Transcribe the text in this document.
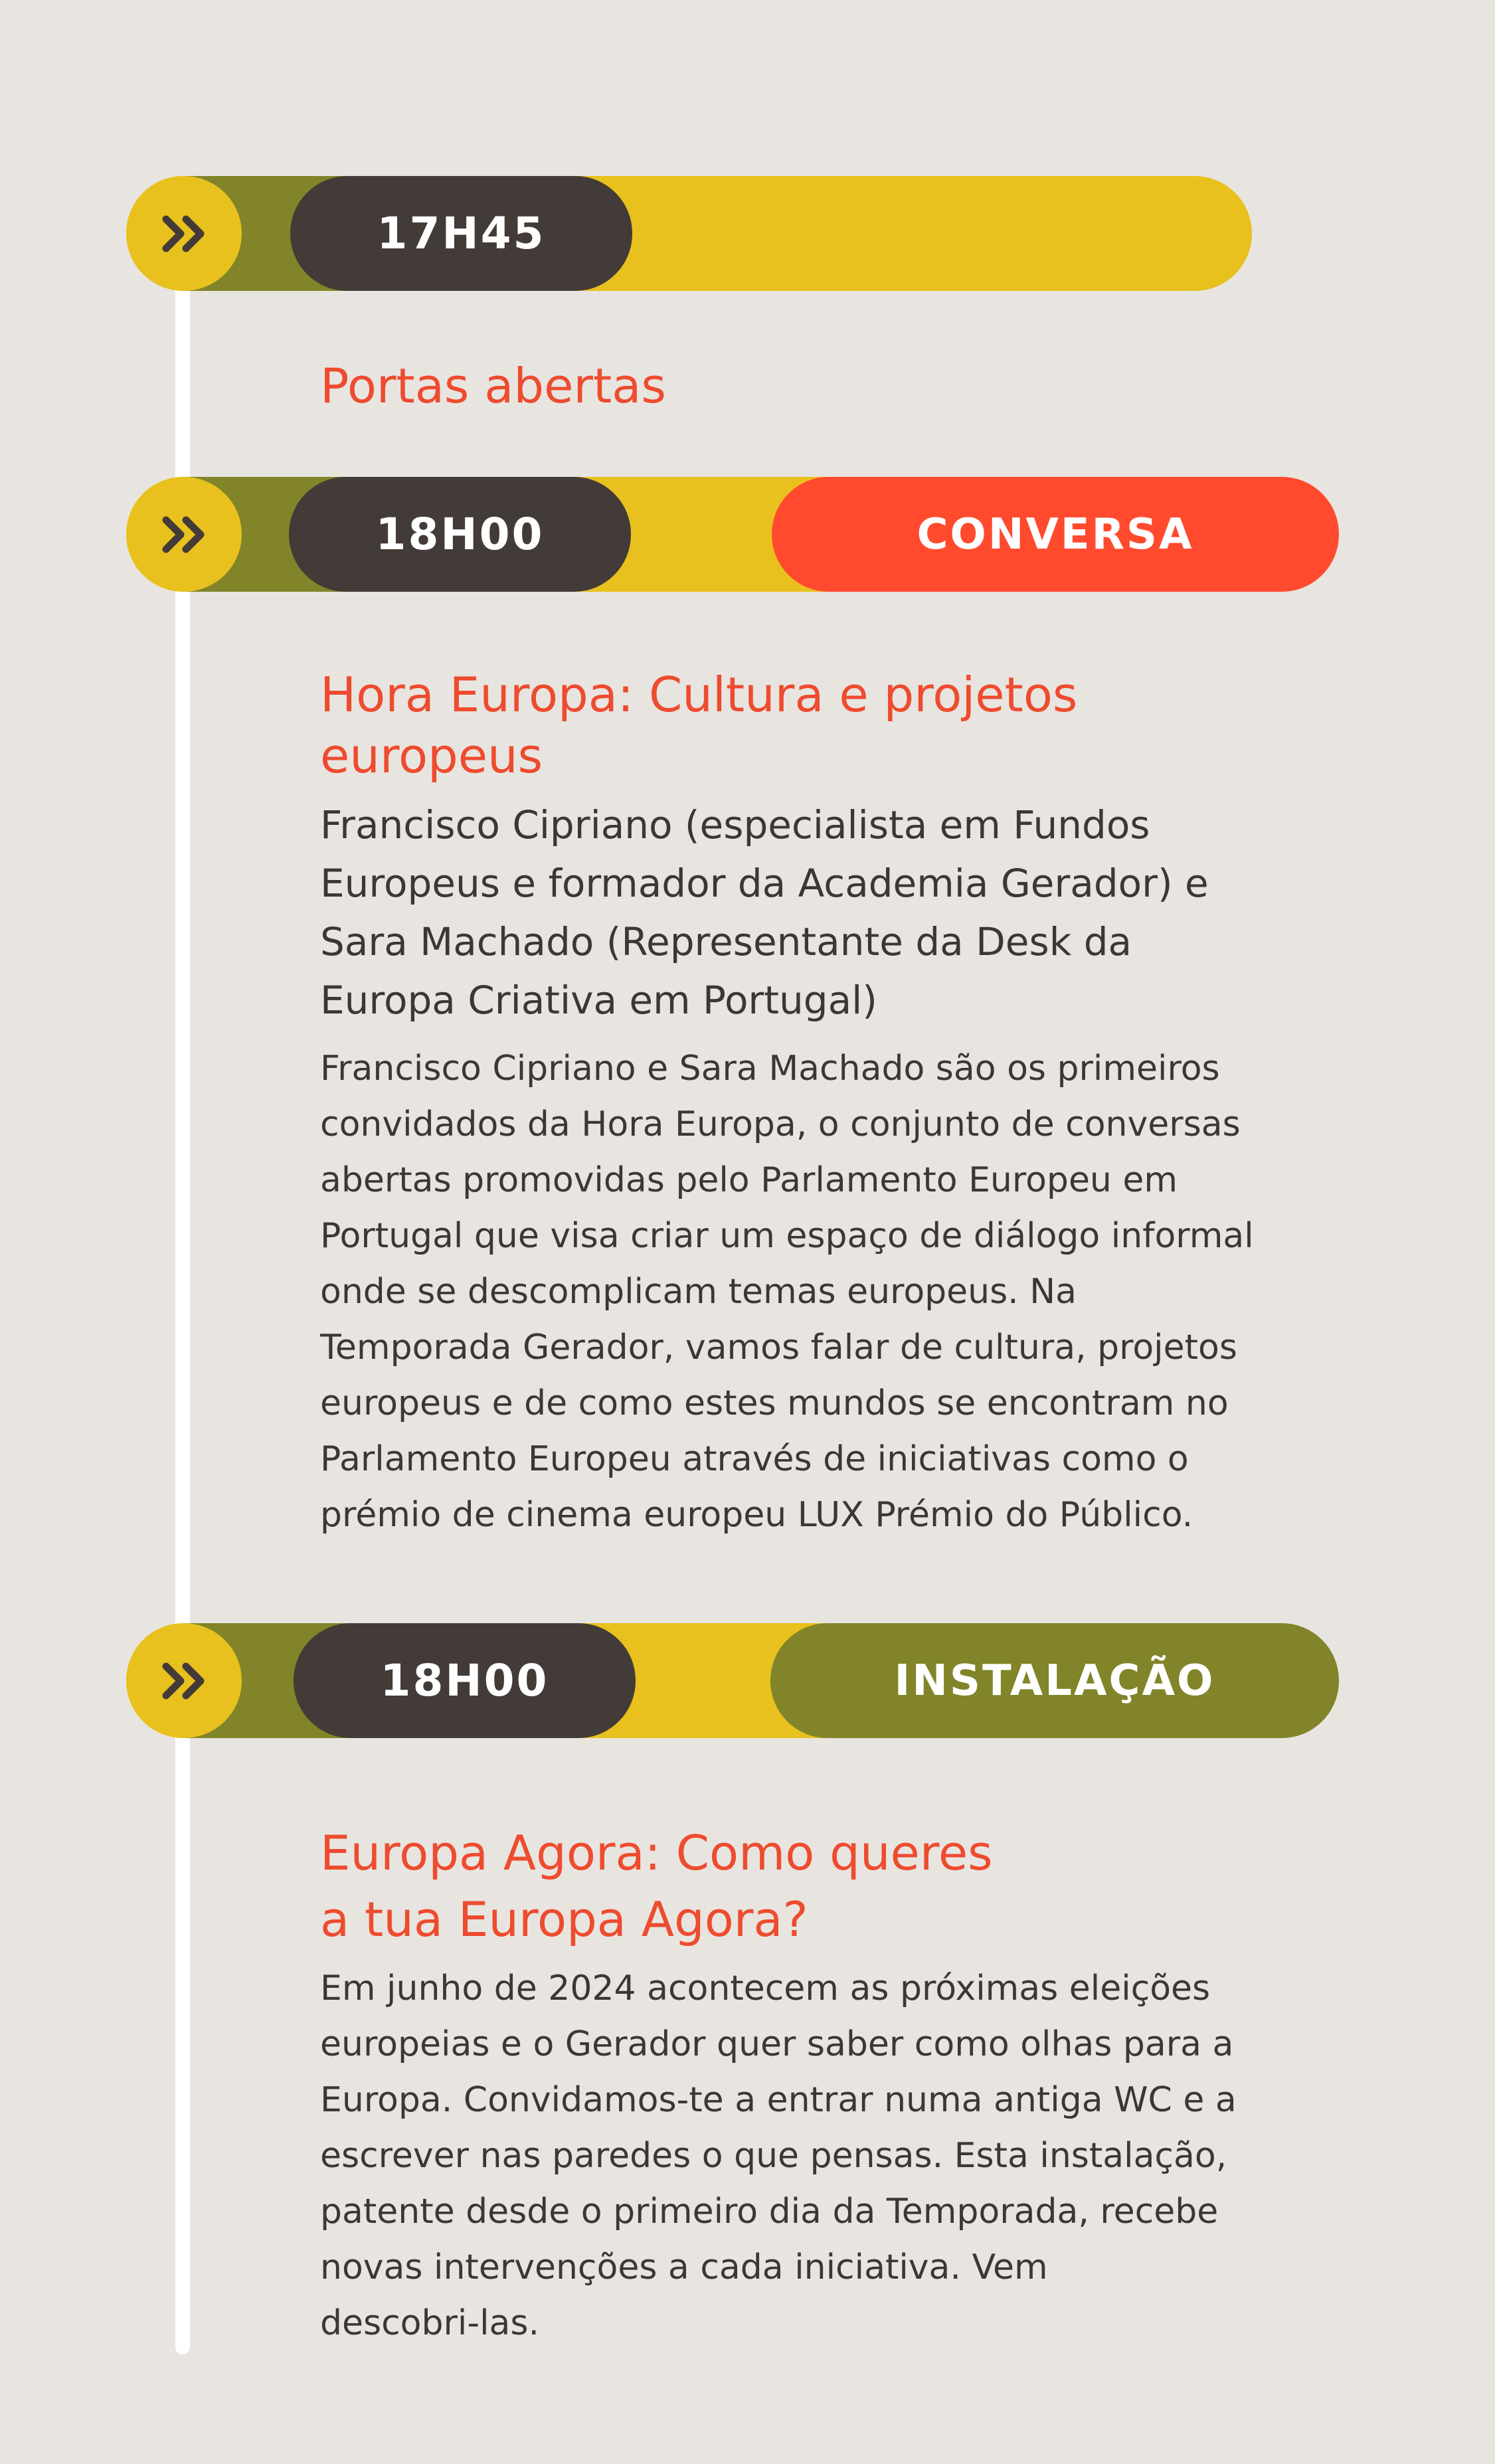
17H45
Portas abertas
18H00	CONVERSA
Hora Europa: Cultura e projetos
europeus
Francisco Cipriano (especialista em Fundos
Europeus e formador da Academia Gerador) e
Sara Machado (Representante da Desk da
Europa Criativa em Portugal)
Francisco Cipriano e Sara Machado são os primeiros
convidados da Hora Europa, o conjunto de conversas
abertas promovidas pelo Parlamento Europeu em
Portugal que visa criar um espaço de diálogo informal
onde se descomplicam temas europeus. Na
Temporada Gerador, vamos falar de cultura, projetos
europeus e de como estes mundos se encontram no
Parlamento Europeu através de iniciativas como o
prémio de cinema europeu LUX Prémio do Público.
18H00	INSTALAÇÃO
Europa Agora: Como queres
a tua Europa Agora?
Em junho de 2024 acontecem as próximas eleições
europeias e o Gerador quer saber como olhas para a
Europa. Convidamos-te a entrar numa antiga WC e a
escrever nas paredes o que pensas. Esta instalação,
patente desde o primeiro dia da Temporada, recebe
novas intervenções a cada iniciativa. Vem
descobri-las.
